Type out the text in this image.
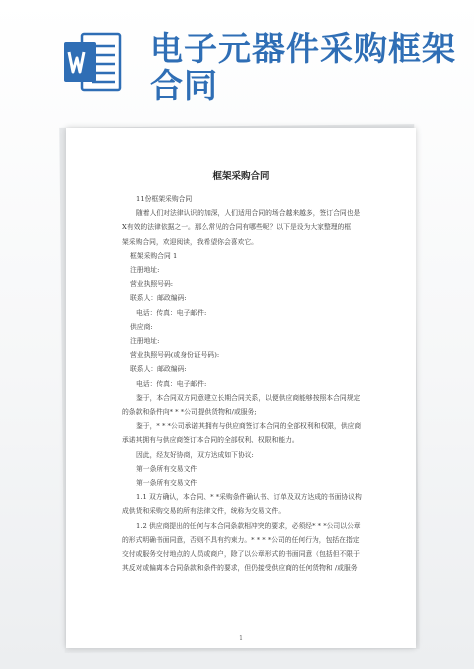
电子元器件采购框架合同
框架采购合同

11份框架采购合同

随着人们对法律认识的加深，人们适用合同的场合越来越多，签订合同也是

X有效的法律依据之一。那么常见的合同有哪些呢？以下是设为大家整理的框

架采购合同，欢迎阅读，我希望你会喜欢它。

框架采购合同 1

注册地址:

营业执照号码:

联系人：邮政编码:

电话：传真：电子邮件:

供应商:

注册地址:

营业执照号码(或身份证号码):

联系人：邮政编码:

电话：传真：电子邮件:

鉴于，本合同双方同意建立长期合同关系，以便供应商能够按照本合同规定

的条款和条件向* * *公司提供货物和/或服务;

鉴于，* * *公司承诺其拥有与供应商签订本合同的全部权利和权限，供应商

承诺其拥有与供应商签订本合同的全部权利、权限和能力。

因此，经友好协商，双方达成如下协议:

第一条所有交易文件

第一条所有交易文件

1.1 双方确认，本合同、* *采购条件确认书、订单及双方达成的书面协议构

成供货和采购交易的所有法律文件，统称为交易文件。

1.2 供应商提出的任何与本合同条款相冲突的要求，必须经* * *公司以公章

的形式明确书面同意，否则不具有约束力。* * * *公司的任何行为，包括在指定

交付或服务交付地点的人员或商户，除了以公章形式的书面同意（包括但不限于

其反对或偏离本合同条款和条件的要求，但仍接受供应商的任何货物和 /或服务

1
